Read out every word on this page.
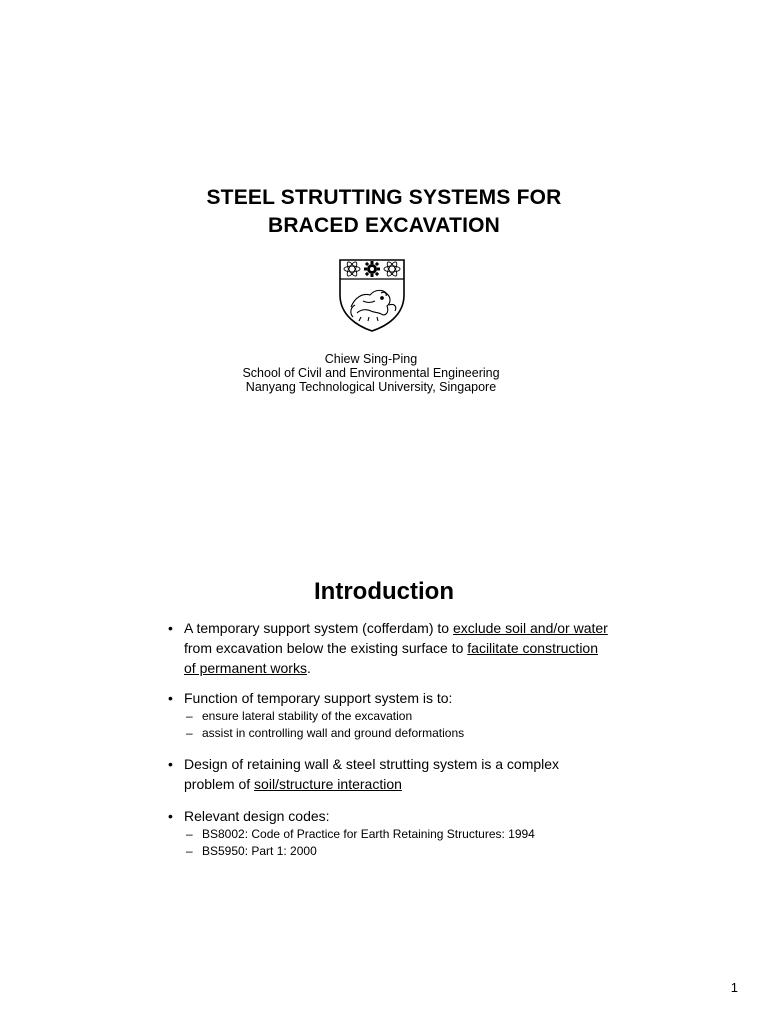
STEEL STRUTTING SYSTEMS FOR
BRACED EXCAVATION
Chiew Sing-Ping
School of Civil and Environmental Engineering
Nanyang Technological University, Singapore
Introduction
• A temporary support system (cofferdam) to exclude soil and/or water from excavation below the existing surface to facilitate construction of permanent works.
• Function of temporary support system is to:
– ensure lateral stability of the excavation
– assist in controlling wall and ground deformations
• Design of retaining wall & steel strutting system is a complex problem of soil/structure interaction
• Relevant design codes:
– BS8002: Code of Practice for Earth Retaining Structures: 1994
– BS5950: Part 1: 2000
1
